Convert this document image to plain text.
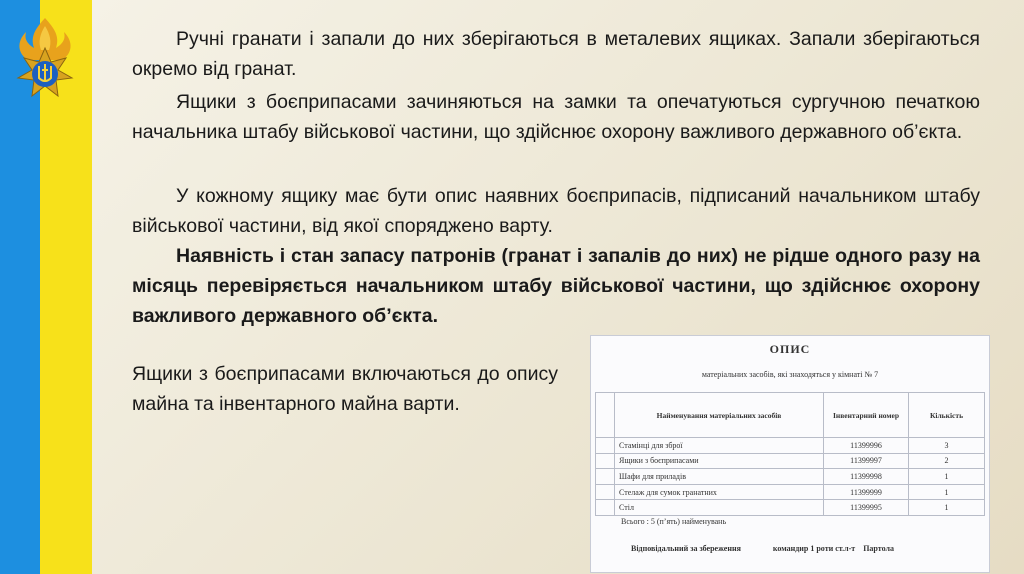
Ручні гранати і запали до них зберігаються в металевих ящиках. Запали зберігаються окремо від гранат.
Ящики з боєприпасами зачиняються на замки та опечатуються сургучною печаткою начальника штабу військової частини, що здійснює охорону важливого державного об’єкта.
У кожному ящику має бути опис наявних боєприпасів, підписаний начальником штабу військової частини, від якої споряджено варту.
Наявність і стан запасу патронів (гранат і запалів до них) не рідше одного разу на місяць перевіряється начальником штабу військової частини, що здійснює охорону важливого державного об’єкта.
Ящики з боєприпасами включаються до опису майна та інвентарного майна варти.
ОПИС
матеріальних засобів, які знаходяться у кімнаті № 7
	Найменування матеріальних засобів	Інвентарний номер	Кількість
	Стамінці для зброї	11399996	3
	Ящики з боєприпасами	11399997	2
	Шафи для приладів	11399998	1
	Стелаж для сумок гранатних	11399999	1
	Стіл	11399995	1
Всього : 5 (п’ять) найменувань
Відповідальний за збереження	командир 1 роти ст.л-т Партола
